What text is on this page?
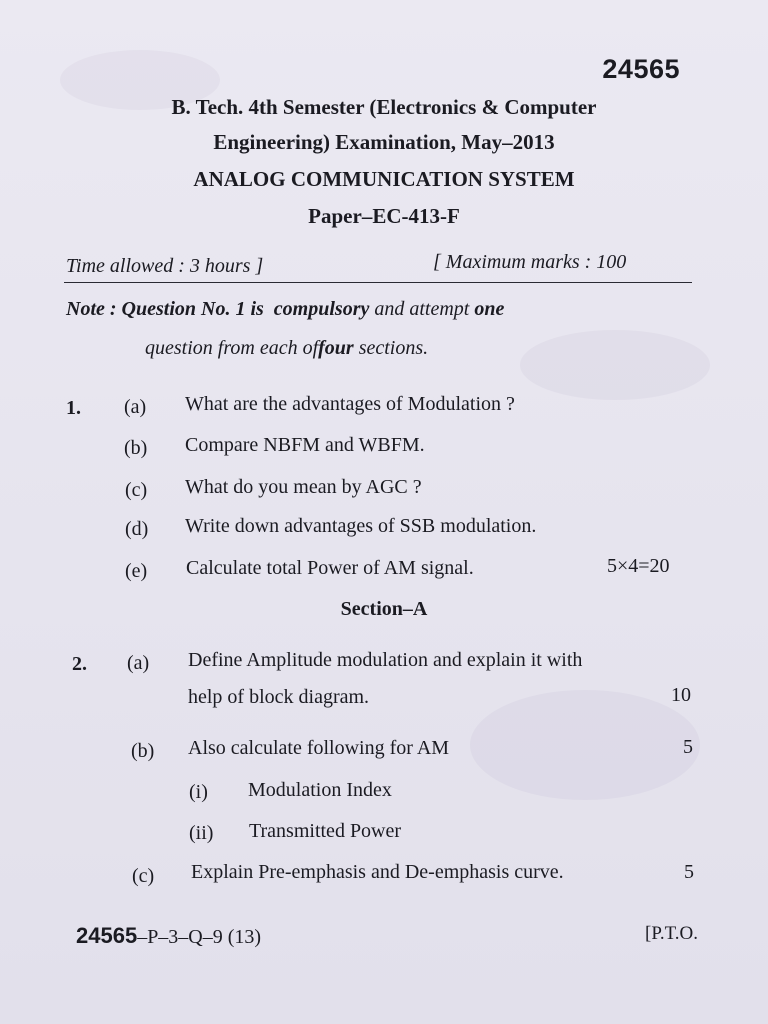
24565
B. Tech. 4th Semester (Electronics & Computer
Engineering) Examination, May–2013
ANALOG COMMUNICATION SYSTEM
Paper–EC-413-F
Time allowed : 3 hours ]	[ Maximum marks : 100
Note : Question No. 1 is compulsory and attempt one
question from each offour sections.
1. (a) What are the advantages of Modulation ?
(b) Compare NBFM and WBFM.
(c) What do you mean by AGC ?
(d) Write down advantages of SSB modulation.
(e) Calculate total Power of AM signal.	5×4=20
Section–A
2. (a) Define Amplitude modulation and explain it with
help of block diagram.	10
(b) Also calculate following for AM	5
(i) Modulation Index
(ii) Transmitted Power
(c) Explain Pre-emphasis and De-emphasis curve.	5
24565–P–3–Q–9 (13)	[P.T.O.
